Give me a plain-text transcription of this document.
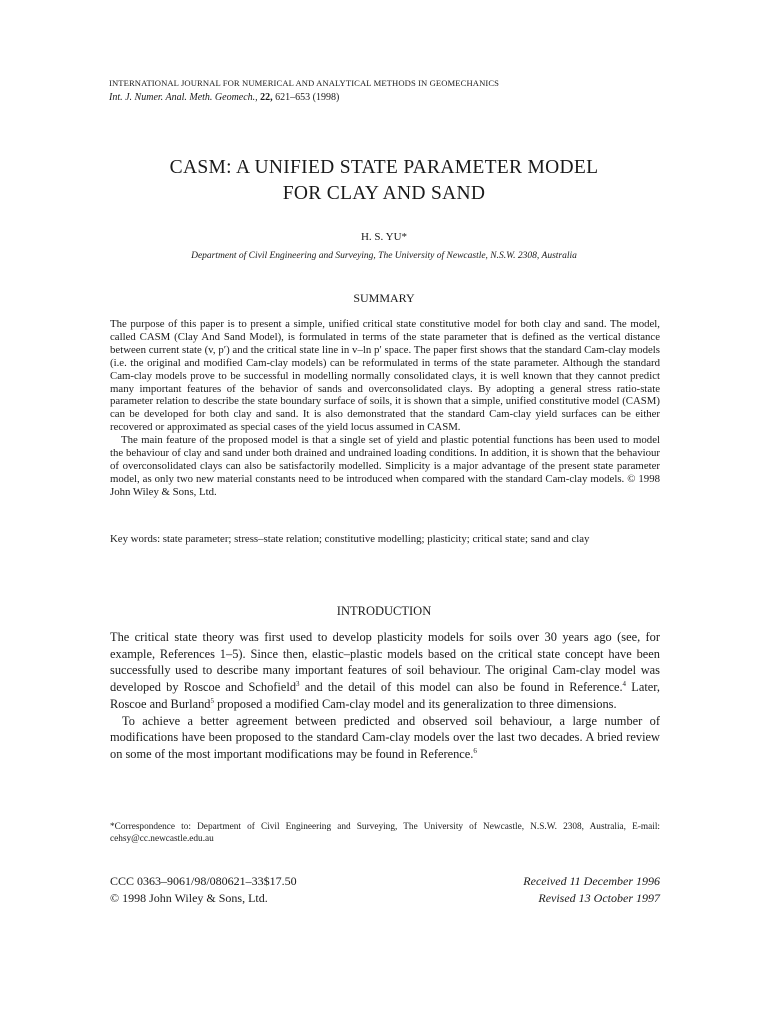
INTERNATIONAL JOURNAL FOR NUMERICAL AND ANALYTICAL METHODS IN GEOMECHANICS
Int. J. Numer. Anal. Meth. Geomech., 22, 621–653 (1998)
CASM: A UNIFIED STATE PARAMETER MODEL
FOR CLAY AND SAND
H. S. YU*
Department of Civil Engineering and Surveying, The University of Newcastle, N.S.W. 2308, Australia
SUMMARY

The purpose of this paper is to present a simple, unified critical state constitutive model for both clay and sand. The model, called CASM (Clay And Sand Model), is formulated in terms of the state parameter that is defined as the vertical distance between current state (v, p′) and the critical state line in v–ln p′ space. The paper first shows that the standard Cam-clay models (i.e. the original and modified Cam-clay models) can be reformulated in terms of the state parameter. Although the standard Cam-clay models prove to be successful in modelling normally consolidated clays, it is well known that they cannot predict many important features of the behavior of sands and overconsolidated clays. By adopting a general stress ratio-state parameter relation to describe the state boundary surface of soils, it is shown that a simple, unified constitutive model (CASM) can be developed for both clay and sand. It is also demonstrated that the standard Cam-clay yield surfaces can be either recovered or approximated as special cases of the yield locus assumed in CASM.

The main feature of the proposed model is that a single set of yield and plastic potential functions has been used to model the behaviour of clay and sand under both drained and undrained loading conditions. In addition, it is shown that the behaviour of overconsolidated clays can also be satisfactorily modelled. Simplicity is a major advantage of the present state parameter model, as only two new material constants need to be introduced when compared with the standard Cam-clay models. © 1998 John Wiley & Sons, Ltd.

Key words: state parameter; stress–state relation; constitutive modelling; plasticity; critical state; sand and clay
INTRODUCTION

The critical state theory was first used to develop plasticity models for soils over 30 years ago (see, for example, References 1–5). Since then, elastic–plastic models based on the critical state concept have been successfully used to describe many important features of soil behaviour. The original Cam-clay model was developed by Roscoe and Schofield$^3$ and the detail of this model can also be found in Reference.$^4$ Later, Roscoe and Burland$^5$ proposed a modified Cam-clay model and its generalization to three dimensions.

To achieve a better agreement between predicted and observed soil behaviour, a large number of modifications have been proposed to the standard Cam-clay models over the last two decades. A bried review on some of the most important modifications may be found in Reference.$^6$

*Correspondence to: Department of Civil Engineering and Surveying, The University of Newcastle, N.S.W. 2308, Australia, E-mail: cehsy@cc.newcastle.edu.au
CCC 0363–9061/98/080621–33$17.50
© 1998 John Wiley & Sons, Ltd.
Received 11 December 1996
Revised 13 October 1997
